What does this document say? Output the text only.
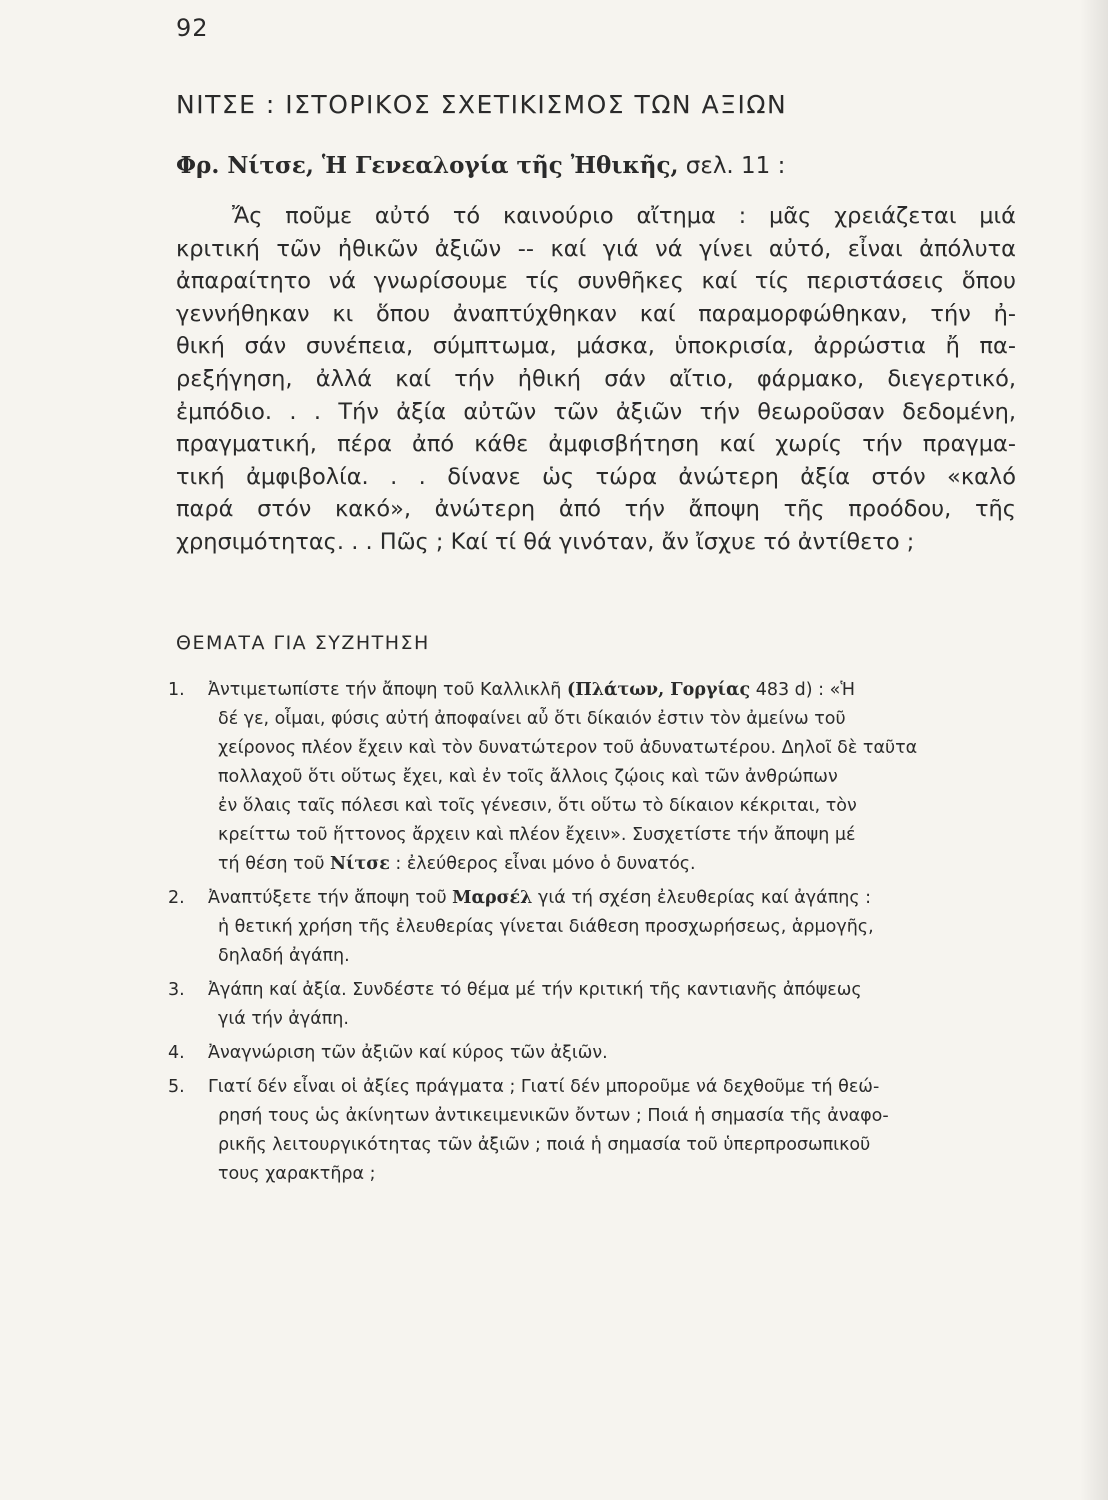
92
ΝΙΤΣΕ : ΙΣΤΟΡΙΚΟΣ ΣΧΕΤΙΚΙΣΜΟΣ ΤΩΝ ΑΞΙΩΝ
Φρ. Νίτσε, Ἡ Γενεαλογία τῆς Ἠθικῆς, σελ. 11 :
Ἄς ποῦμε αὐτό τό καινούριο αἴτημα : μᾶς χρειάζεται μιά
κριτική τῶν ἠθικῶν ἀξιῶν -- καί γιά νά γίνει αὐτό, εἶναι ἀπόλυτα
ἀπαραίτητο νά γνωρίσουμε τίς συνθῆκες καί τίς περιστάσεις ὅπου
γεννήθηκαν κι ὅπου ἀναπτύχθηκαν καί παραμορφώθηκαν, τήν ἠ-
θική σάν συνέπεια, σύμπτωμα, μάσκα, ὑποκρισία, ἀρρώστια ἤ πα-
ρεξήγηση, ἀλλά καί τήν ἠθική σάν αἴτιο, φάρμακο, διεγερτικό,
ἐμπόδιο. . . Τήν ἀξία αὐτῶν τῶν ἀξιῶν τήν θεωροῦσαν δεδομένη,
πραγματική, πέρα ἀπό κάθε ἀμφισβήτηση καί χωρίς τήν πραγμα-
τική ἀμφιβολία. . . δίνανε ὡς τώρα ἀνώτερη ἀξία στόν «καλό
παρά στόν κακό», ἀνώτερη ἀπό τήν ἄποψη τῆς προόδου, τῆς
χρησιμότητας. . . Πῶς ; Καί τί θά γινόταν, ἄν ἴσχυε τό ἀντίθετο ;
ΘΕΜΑΤΑ ΓΙΑ ΣΥΖΗΤΗΣΗ
1. Ἀντιμετωπίστε τήν ἄποψη τοῦ Καλλικλῆ (Πλάτων, Γοργίας 483 d) : «Ἡ
δέ γε, οἶμαι, φύσις αὐτή ἀποφαίνει αὖ ὅτι δίκαιόν ἐστιν τὸν ἀμείνω τοῦ
χείρονος πλέον ἔχειν καὶ τὸν δυνατώτερον τοῦ ἀδυνατωτέρου. Δηλοῖ δὲ ταῦτα
πολλαχοῦ ὅτι οὕτως ἔχει, καὶ ἐν τοῖς ἄλλοις ζῴοις καὶ τῶν ἀνθρώπων
ἐν ὅλαις ταῖς πόλεσι καὶ τοῖς γένεσιν, ὅτι οὕτω τὸ δίκαιον κέκριται, τὸν
κρείττω τοῦ ἥττονος ἄρχειν καὶ πλέον ἔχειν». Συσχετίστε τήν ἄποψη μέ
τή θέση τοῦ Νίτσε : ἐλεύθερος εἶναι μόνο ὁ δυνατός.
2. Ἀναπτύξετε τήν ἄποψη τοῦ Μαρσέλ γιά τή σχέση ἐλευθερίας καί ἀγάπης :
ἡ θετική χρήση τῆς ἐλευθερίας γίνεται διάθεση προσχωρήσεως, ἁρμογῆς,
δηλαδή ἀγάπη.
3. Ἀγάπη καί ἀξία. Συνδέστε τό θέμα μέ τήν κριτική τῆς καντιανῆς ἀπόψεως
γιά τήν ἀγάπη.
4. Ἀναγνώριση τῶν ἀξιῶν καί κύρος τῶν ἀξιῶν.
5. Γιατί δέν εἶναι οἱ ἀξίες πράγματα ; Γιατί δέν μποροῦμε νά δεχθοῦμε τή θεώ-
ρησή τους ὡς ἀκίνητων ἀντικειμενικῶν ὄντων ; Ποιά ἡ σημασία τῆς ἀναφο-
ρικῆς λειτουργικότητας τῶν ἀξιῶν ; ποιά ἡ σημασία τοῦ ὑπερπροσωπικοῦ
τους χαρακτῆρα ;
